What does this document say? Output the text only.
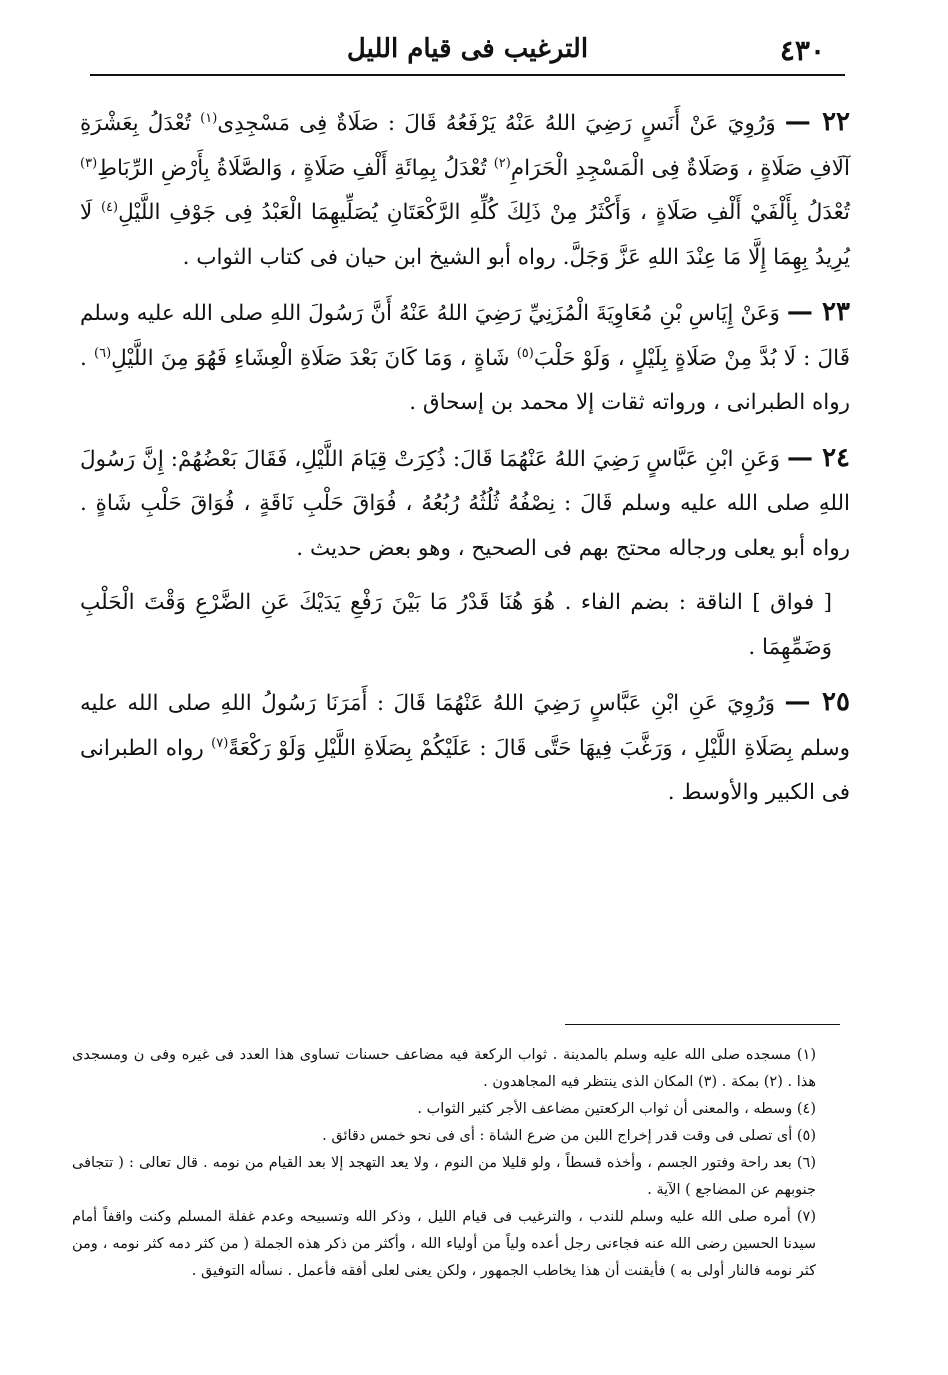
٤٣٠
الترغيب فى قيام الليل

٢٢ — وَرُوِيَ عَنْ أَنَسٍ رَضِيَ اللهُ عَنْهُ يَرْفَعُهُ قَالَ : صَلَاةٌ فِى مَسْجِدِى$^{(١)}$ تُعْدَلُ بِعَشْرَةِ آلَافِ صَلَاةٍ ، وَصَلَاةٌ فِى الْمَسْجِدِ الْحَرَامِ$^{(٢)}$ تُعْدَلُ بِمِائَةِ أَلْفِ صَلَاةٍ ، وَالصَّلَاةُ بِأَرْضِ الرِّبَاطِ$^{(٣)}$ تُعْدَلُ بِأَلْفَيْ أَلْفِ صَلَاةٍ ، وَأَكْثَرُ مِنْ ذَلِكَ كُلِّهِ الرَّكْعَتَانِ يُصَلِّيهِمَا الْعَبْدُ فِى جَوْفِ اللَّيْلِ$^{(٤)}$ لَا يُرِيدُ بِهِمَا إِلَّا مَا عِنْدَ اللهِ عَزَّ وَجَلَّ. رواه أبو الشيخ ابن حيان فى كتاب الثواب .

٢٣ — وَعَنْ إِيَاسِ بْنِ مُعَاوِيَةَ الْمُزَنِيِّ رَضِيَ اللهُ عَنْهُ أَنَّ رَسُولَ اللهِ صلى الله عليه وسلم قَالَ : لَا بُدَّ مِنْ صَلَاةٍ بِلَيْلٍ ، وَلَوْ حَلْبَ$^{(٥)}$ شَاةٍ ، وَمَا كَانَ بَعْدَ صَلَاةِ الْعِشَاءِ فَهُوَ مِنَ اللَّيْلِ$^{(٦)}$ . رواه الطبرانى ، ورواته ثقات إلا محمد بن إسحاق .

٢٤ — وَعَنِ ابْنِ عَبَّاسٍ رَضِيَ اللهُ عَنْهُمَا قَالَ: ذُكِرَتْ قِيَامَ اللَّيْلِ، فَقَالَ بَعْضُهُمْ: إِنَّ رَسُولَ اللهِ صلى الله عليه وسلم قَالَ : نِصْفُهُ ثُلُثُهُ رُبُعُهُ ، فُوَاقَ حَلْبِ نَاقَةٍ ، فُوَاقَ حَلْبِ شَاةٍ . رواه أبو يعلى ورجاله محتج بهم فى الصحيح ، وهو بعض حديث .

[ فواق ] الناقة : بضم الفاء . هُوَ هُنَا قَدْرُ مَا بَيْنَ رَفْعِ يَدَيْكَ عَنِ الضَّرْعِ وَقْتَ الْحَلْبِ وَضَمِّهِمَا .

٢٥ — وَرُوِيَ عَنِ ابْنِ عَبَّاسٍ رَضِيَ اللهُ عَنْهُمَا قَالَ : أَمَرَنَا رَسُولُ اللهِ صلى الله عليه وسلم بِصَلَاةِ اللَّيْلِ ، وَرَغَّبَ فِيهَا حَتَّى قَالَ : عَلَيْكُمْ بِصَلَاةِ اللَّيْلِ وَلَوْ رَكْعَةً$^{(٧)}$ رواه الطبرانى فى الكبير والأوسط .

(١) مسجده صلى الله عليه وسلم بالمدينة . ثواب الركعة فيه مضاعف حسنات تساوى هذا العدد فى غيره وفى ن ومسجدى هذا . (٢) بمكة . (٣) المكان الذى ينتظر فيه المجاهدون .

(٤) وسطه ، والمعنى أن ثواب الركعتين مضاعف الأجر كثير الثواب .

(٥) أى تصلى فى وقت قدر إخراج اللبن من ضرع الشاة : أى فى نحو خمس دقائق .

(٦) بعد راحة وفتور الجسم ، وأخذه قسطاً ، ولو قليلا من النوم ، ولا يعد التهجد إلا بعد القيام من نومه . قال تعالى : ( تتجافى جنوبهم عن المضاجع ) الآية .

(٧) أمره صلى الله عليه وسلم للندب ، والترغيب فى قيام الليل ، وذكر الله وتسبيحه وعدم غفلة المسلم وكنت واقفاً أمام سيدنا الحسين رضى الله عنه فجاءنى رجل أعده ولياً من أولياء الله ، وأكثر من ذكر هذه الجملة ( من كثر دمه كثر نومه ، ومن كثر نومه فالنار أولى به ) فأيقنت أن هذا يخاطب الجمهور ، ولكن يعنى لعلى أفقه فأعمل . نسأله التوفيق .
